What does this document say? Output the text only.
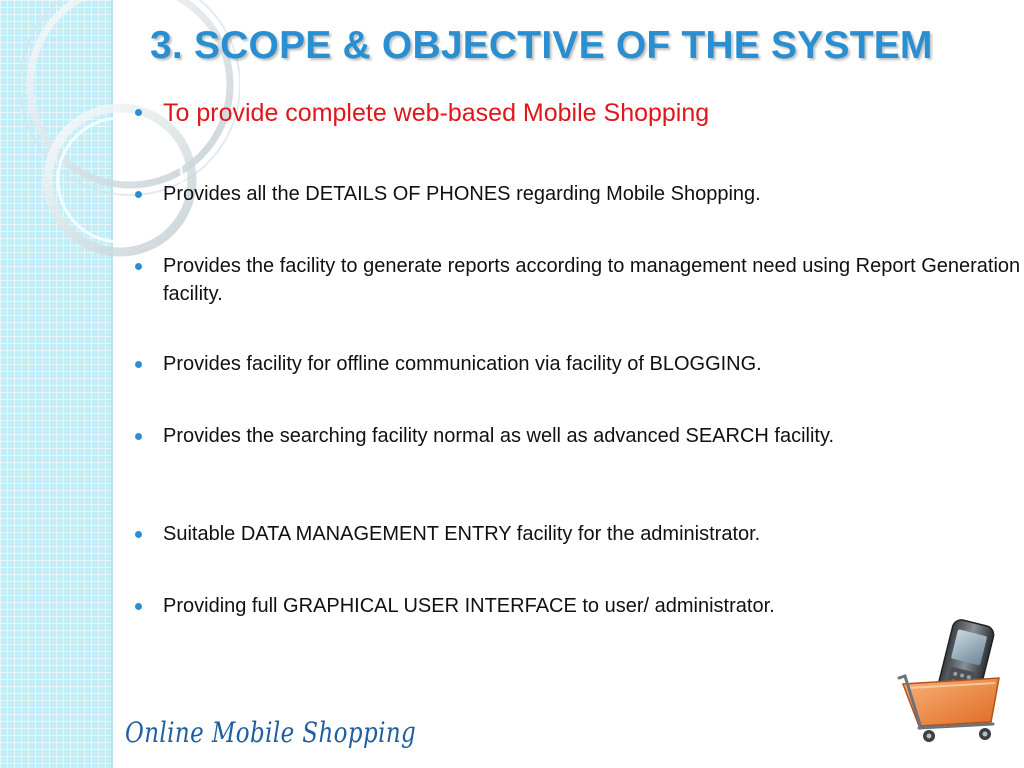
3. SCOPE & OBJECTIVE OF THE SYSTEM
To provide complete web-based Mobile Shopping
Provides all the DETAILS OF PHONES regarding Mobile Shopping.
Provides the facility to generate reports according to management need using Report Generation facility.
Provides facility for offline communication via facility of BLOGGING.
Provides the searching facility normal as well as advanced SEARCH facility.
Suitable DATA MANAGEMENT ENTRY facility for the administrator.
Providing full GRAPHICAL USER INTERFACE to user/ administrator.

Online Mobile Shopping
